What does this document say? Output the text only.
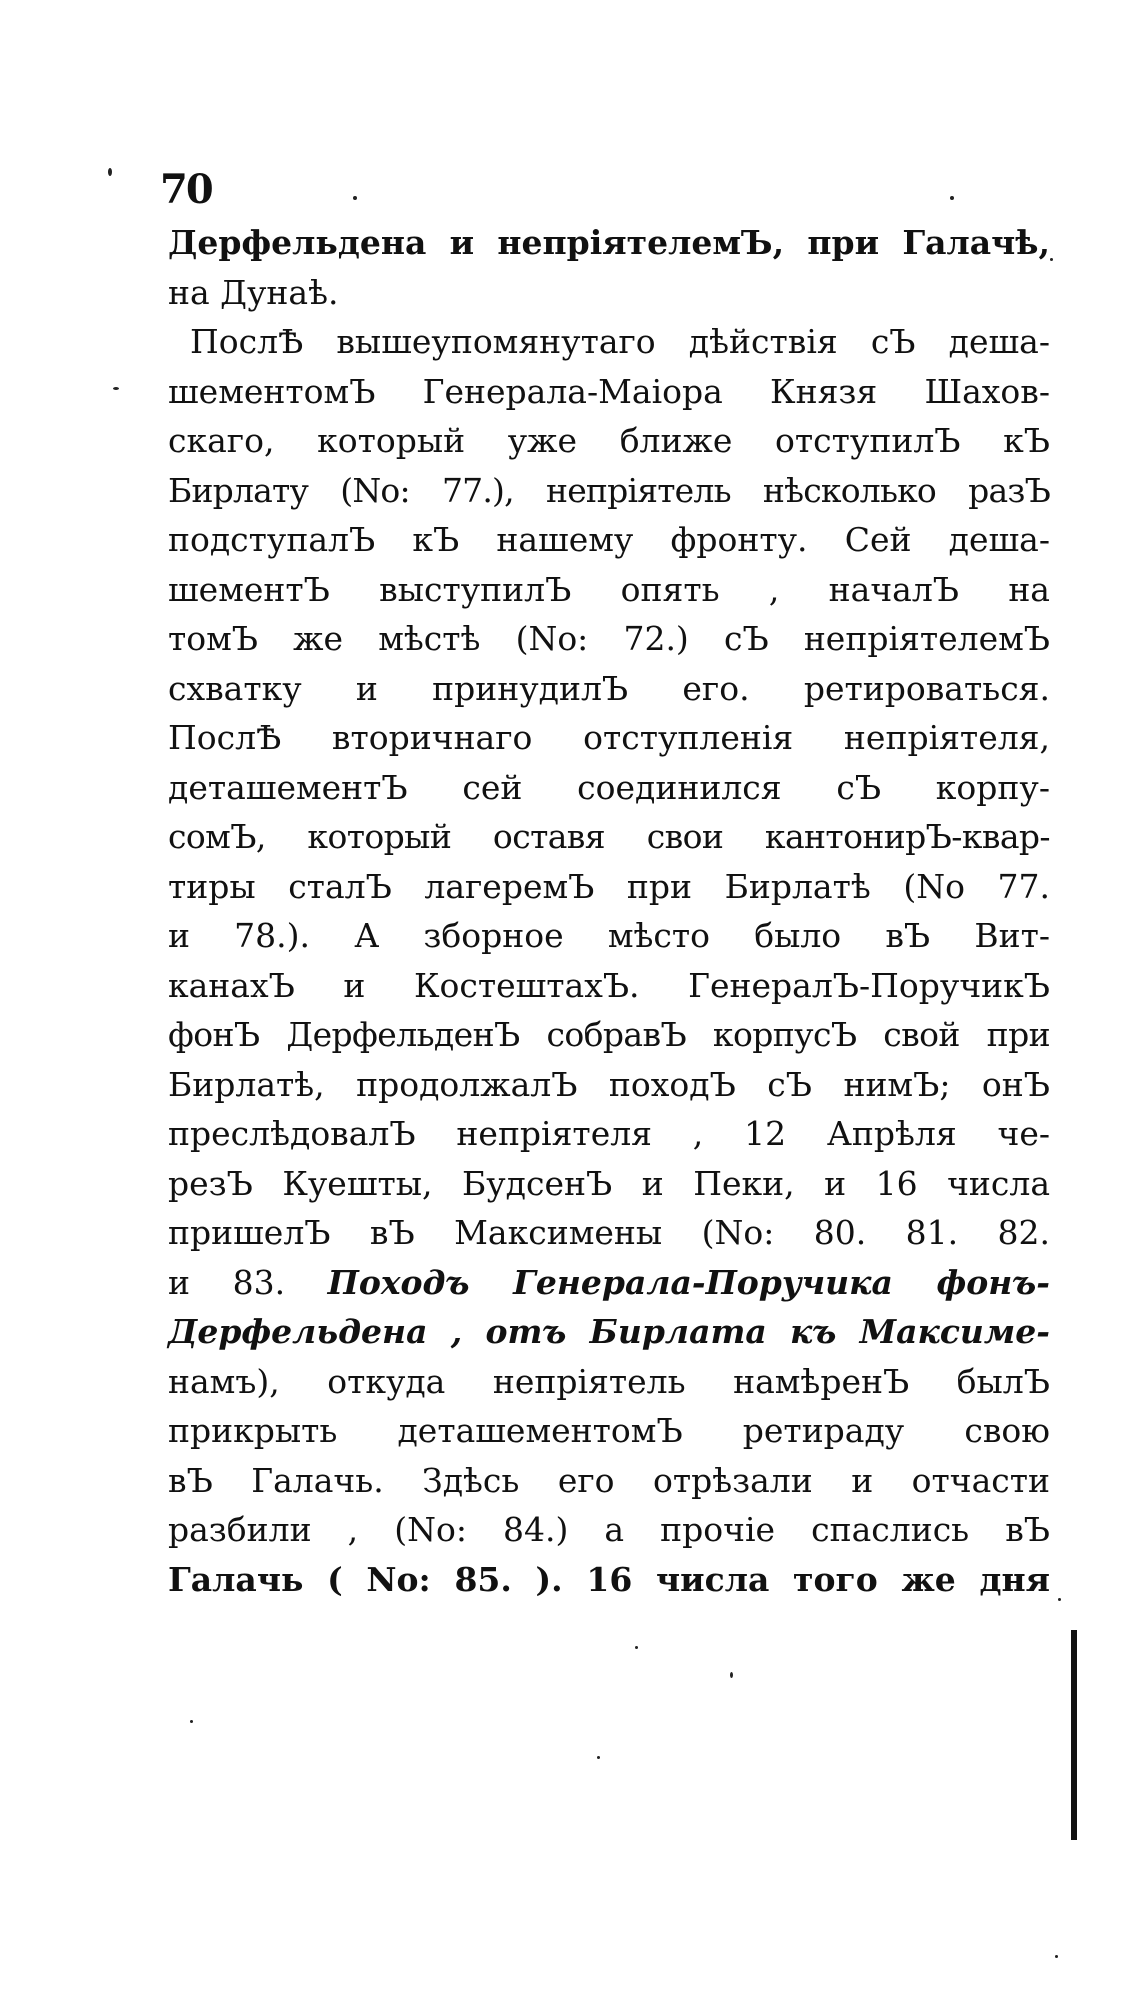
70
Дерфельдена и непріятелемЪ, при Галачѣ,
на Дунаѣ.
ПослѢ вышеупомянутаго дѣйствія сЪ деша-
шементомЪ Генерала-Маіора Князя Шахов-
скаго, который уже ближе отступилЪ кЪ
Бирлату (No: 77.), непріятель нѣсколько разЪ
подступалЪ кЪ нашему фронту. Сей деша-
шементЪ выступилЪ опять , началЪ на
томЪ же мѣстѣ (No: 72.) сЪ непріятелемЪ
схватку и принудилЪ его. ретироваться.
ПослѢ вторичнаго отступленія непріятеля,
деташементЪ сей соединился сЪ корпу-
сомЪ, который оставя свои кантонирЪ-квар-
тиры сталЪ лагеремЪ при Бирлатѣ (No 77.
и 78.). А зборное мѣсто было вЪ Вит-
канахЪ и КостештахЪ. ГенералЪ-ПоручикЪ
фонЪ ДерфельденЪ собравЪ корпусЪ свой при
Бирлатѣ, продолжалЪ походЪ сЪ нимЪ; онЪ
преслѣдовалЪ непріятеля , 12 Апрѣля че-
резЪ Куешты, БудсенЪ и Пеки, и 16 числа
пришелЪ вЪ Максимены (No: 80. 81. 82.
и 83. Походъ Генерала-Поручика фонъ-
Дерфельдена , отъ Бирлата къ Максиме-
намъ), откуда непріятель намѣренЪ былЪ
прикрыть деташементомЪ ретираду свою
вЪ Галачь. Здѣсь его отрѣзали и отчасти
разбили , (No: 84.) а прочіе спаслись вЪ
Галачь ( No: 85. ). 16 числа того же дня
